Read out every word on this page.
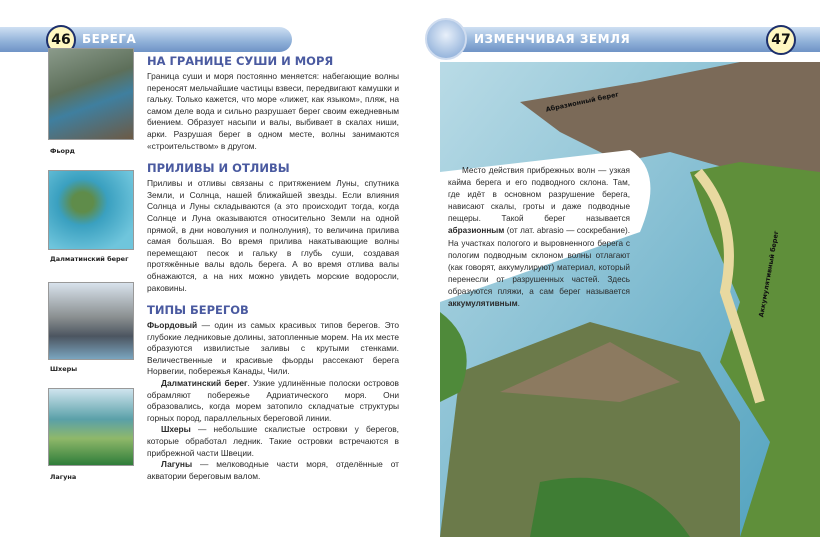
46 БЕРЕГА	ИЗМЕНЧИВАЯ ЗЕМЛЯ	47
Фьорд
Далматинский берег
Шхеры
Лагуна
НА ГРАНИЦЕ СУШИ И МОРЯ

Граница суши и моря постоянно меняется: набегающие волны переносят мельчайшие частицы взвеси, передвигают камушки и гальку. Только кажется, что море «лижет, как языком», пляж, на самом деле вода и сильно разрушает берег своим ежедневным биением. Образует насыпи и валы, выбивает в скалах ниши, арки. Разрушая берег в одном месте, волны занимаются «строительством» в другом.

ПРИЛИВЫ И ОТЛИВЫ

Приливы и отливы связаны с притяжением Луны, спутника Земли, и Солнца, нашей ближайшей звезды. Если влияния Солнца и Луны складываются (а это происходит тогда, когда Солнце и Луна оказываются относительно Земли на одной прямой, в дни новолуния и полнолуния), то величина прилива самая большая. Во время прилива накатывающие волны перемещают песок и гальку в глубь суши, создавая протяжённые валы вдоль берега. А во время отлива валы обнажаются, а на них можно увидеть морские водоросли, раковины.

ТИПЫ БЕРЕГОВ

Фьордовый — один из самых красивых типов берегов. Это глубокие ледниковые долины, затопленные морем. На их месте образуются извилистые заливы с крутыми стенками. Величественные и красивые фьорды рассекают берега Норвегии, побережья Канады, Чили.

Далматинский берег. Узкие удлинённые полоски островов обрамляют побережье Адриатического моря. Они образовались, когда морем затопило складчатые структуры горных пород, параллельных береговой линии.

Шхеры — небольшие скалистые островки у берегов, которые обработал ледник. Такие островки встречаются в прибрежной части Швеции.

Лагуны — мелководные части моря, отделённые от акватории береговым валом.

Место действия прибрежных волн — узкая кайма берега и его подводного склона. Там, где идёт в основном разрушение берега, нависают скалы, гроты и даже подводные пещеры. Такой берег называется абразионным (от лат. abrasio — соскребание). На участках пологого и выровненного берега с пологим подводным склоном волны отлагают (как говорят, аккумулируют) материал, который перенесли от разрушенных частей. Здесь образуются пляжи, а сам берег называется аккумулятивным.

Абразионный берег
Аккумулятивный берег
